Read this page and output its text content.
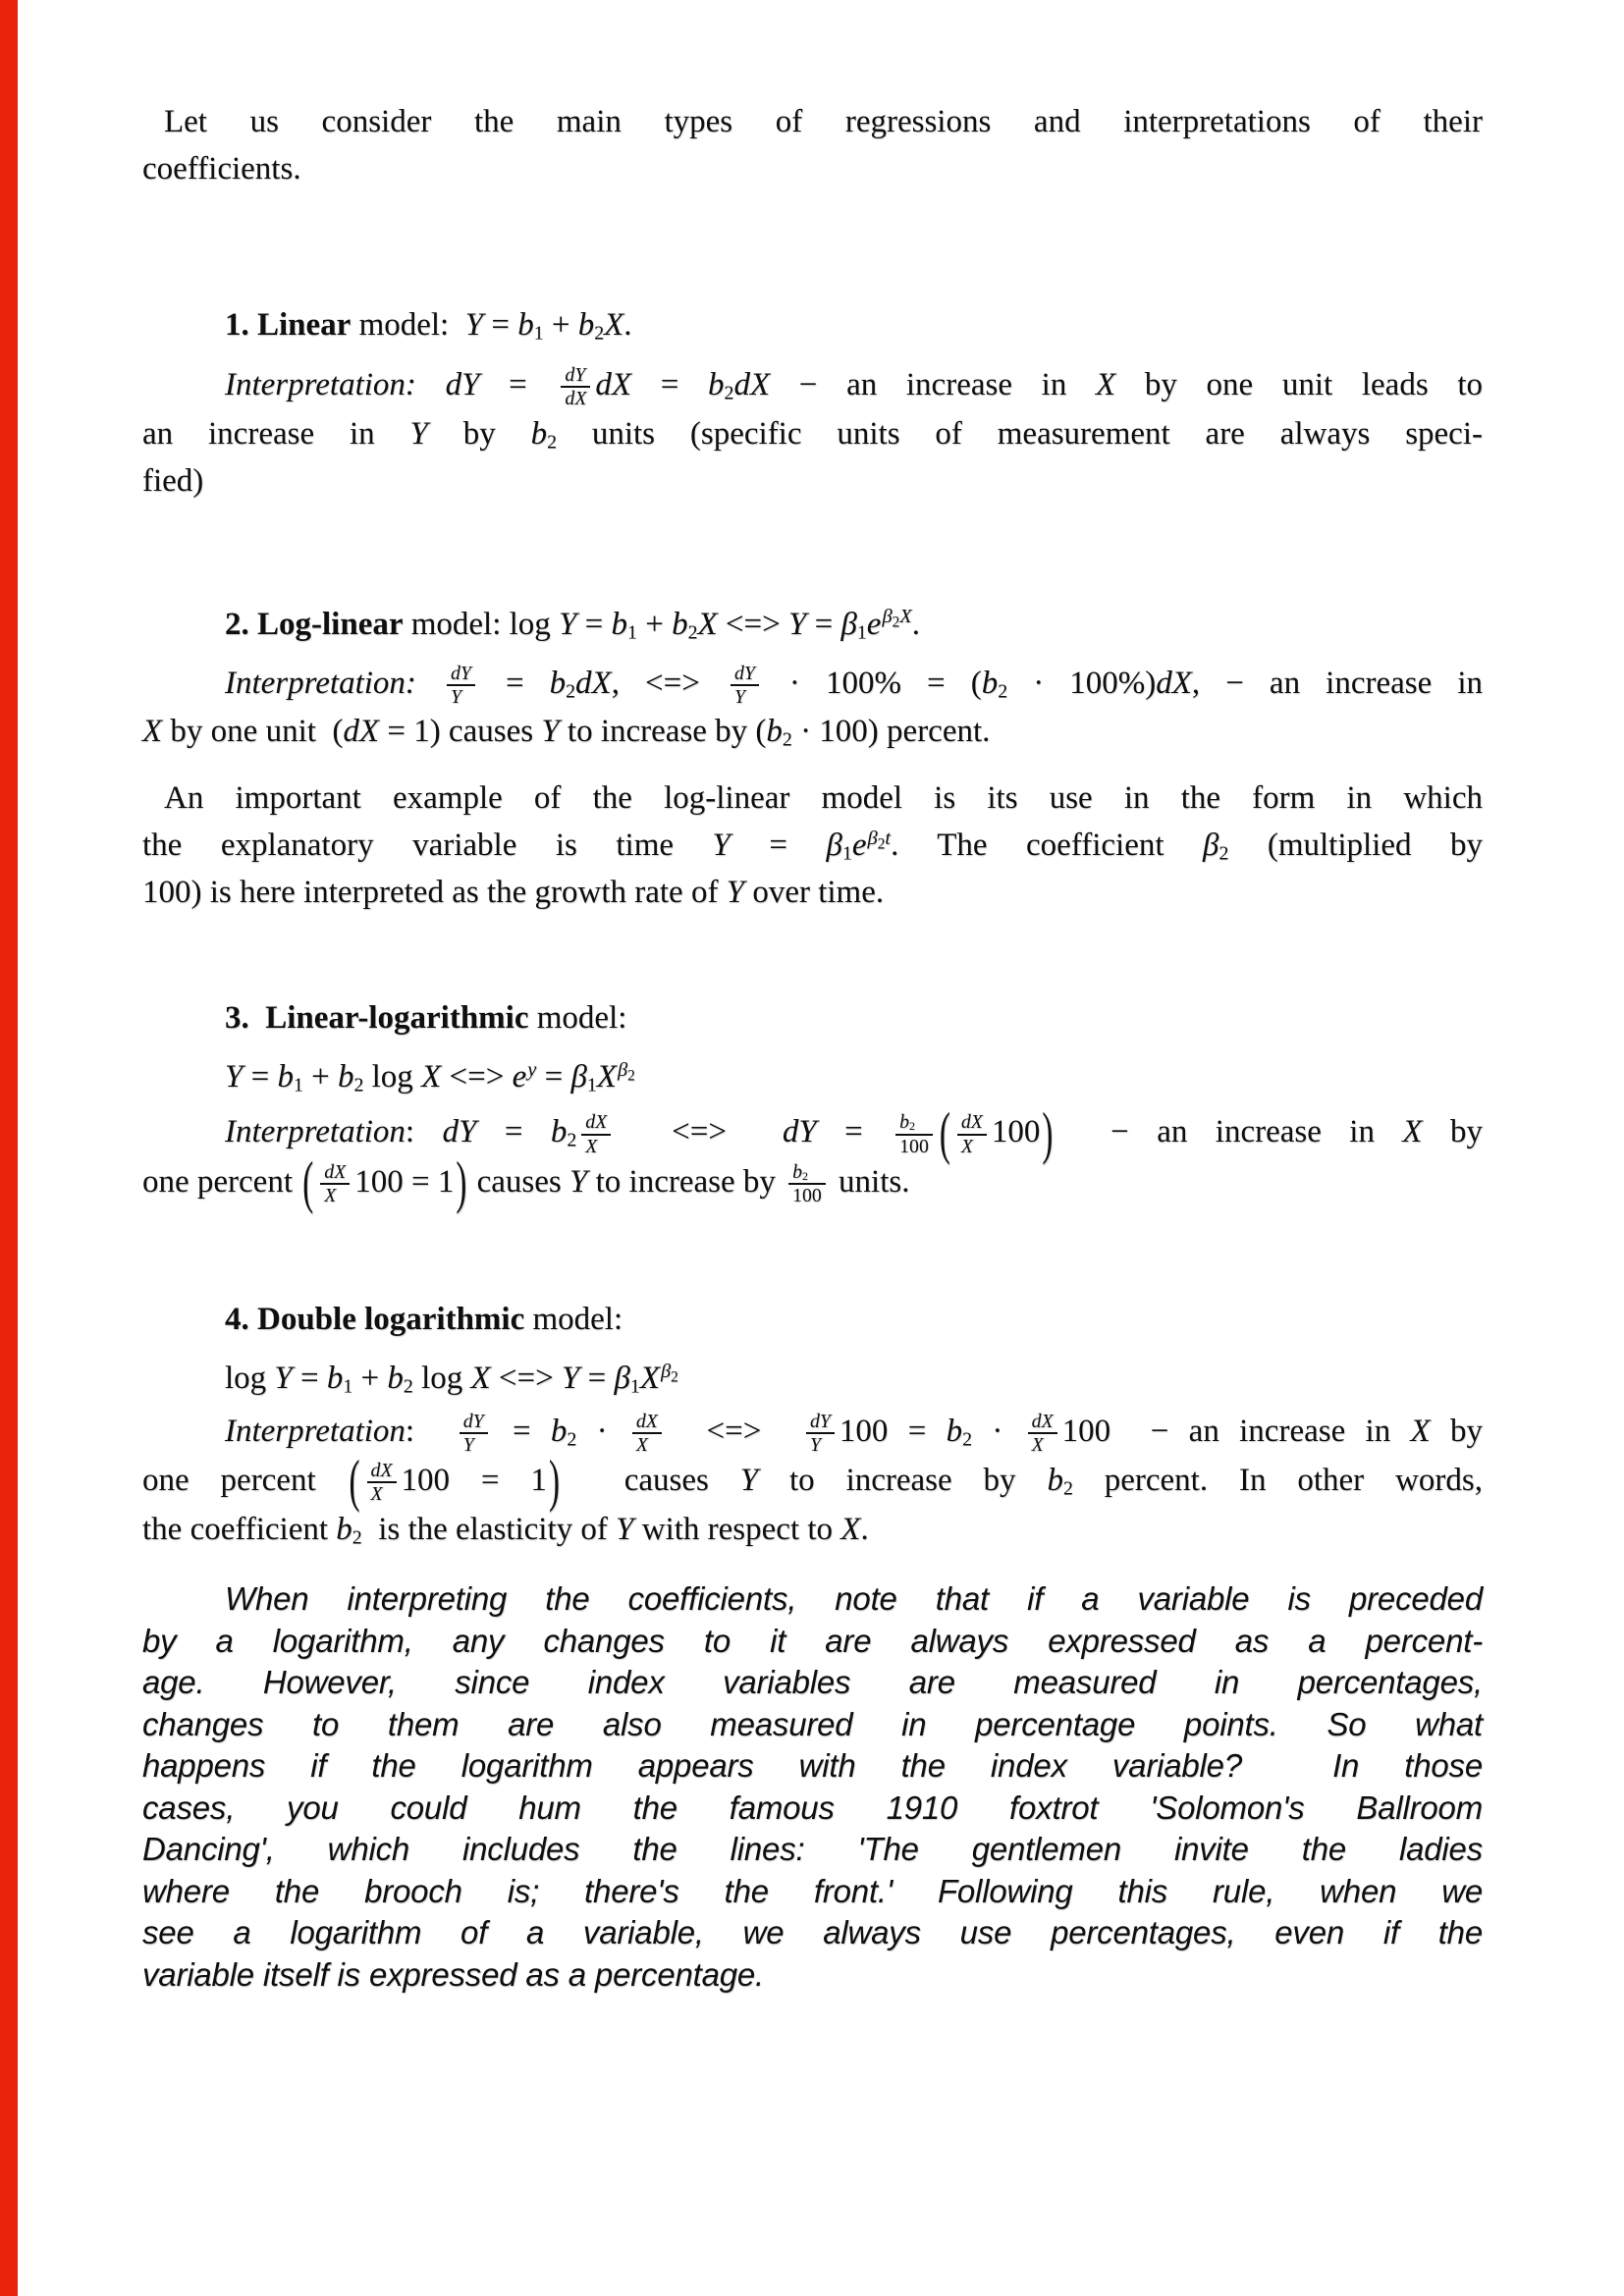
Let us consider the main types of regressions and interpretations of their
coefficients.
1. Linear model:  Y = b1 + b2X.
Interpretation: dY = $\frac{dY}{dX}$ dX = b2dX − an increase in X by one unit leads to
an increase in Y by b2 units (specific units of measurement are always speci-
fied)
2. Log-linear model: log Y = b1 + b2X <=> $Y = \beta 1e^{\beta_2X}$.
Interpretation: $\frac{dY}{Y} = b2dX$, <=> $\frac{dY}{Y} \cdot 100\% = (b2 \cdot 100\%)dX$, − an increase in
X by one unit  (dX = 1) causes Y to increase by (b2 · 100) percent.
An important example of the log-linear model is its use in the form in which
the explanatory variable is time $Y = \beta 1e^{\beta_2t}$. The coefficient β2 (multiplied by
100) is here interpreted as the growth rate of Y over time.
3.  Linear-logarithmic model:
Y = b1 + b2 log X <=> $e^y = \beta 1X^{\beta_2}$
Interpretation: dY = $b2 \frac{dX}{X}$ <=>  dY = $\frac{b2}{100}$ ( $\frac{dX}{X} 100$)  − an increase in X by
one percent ( $\frac{dX}{X} 100 = 1$) causes Y to increase by $\frac{b2}{100}$ units.
4. Double logarithmic model:
log Y = b1 + b2 log X <=> $Y = \beta 1X^{\beta_2}$
Interpretation: $\frac{dY}{Y} = b2 \cdot \frac{dX}{X}$ <=> $\frac{dY}{Y} 100 = b2 \cdot \frac{dX}{X} 100$  − an increase in X by
one percent ( $\frac{dX}{X} 100 = 1$)  causes Y to increase by b2 percent. In other words,
the coefficient b2  is the elasticity of Y with respect to X.
When interpreting the coefficients, note that if a variable is preceded
by a logarithm, any changes to it are always expressed as a percent-
age. However, since index variables are measured in percentages,
changes to them are also measured in percentage points. So what
happens if the logarithm appears with the index variable?  In those
cases, you could hum the famous 1910 foxtrot 'Solomon's Ballroom
Dancing', which includes the lines: 'The gentlemen invite the ladies
where the brooch is; there's the front.' Following this rule, when we
see a logarithm of a variable, we always use percentages, even if the
variable itself is expressed as a percentage.
